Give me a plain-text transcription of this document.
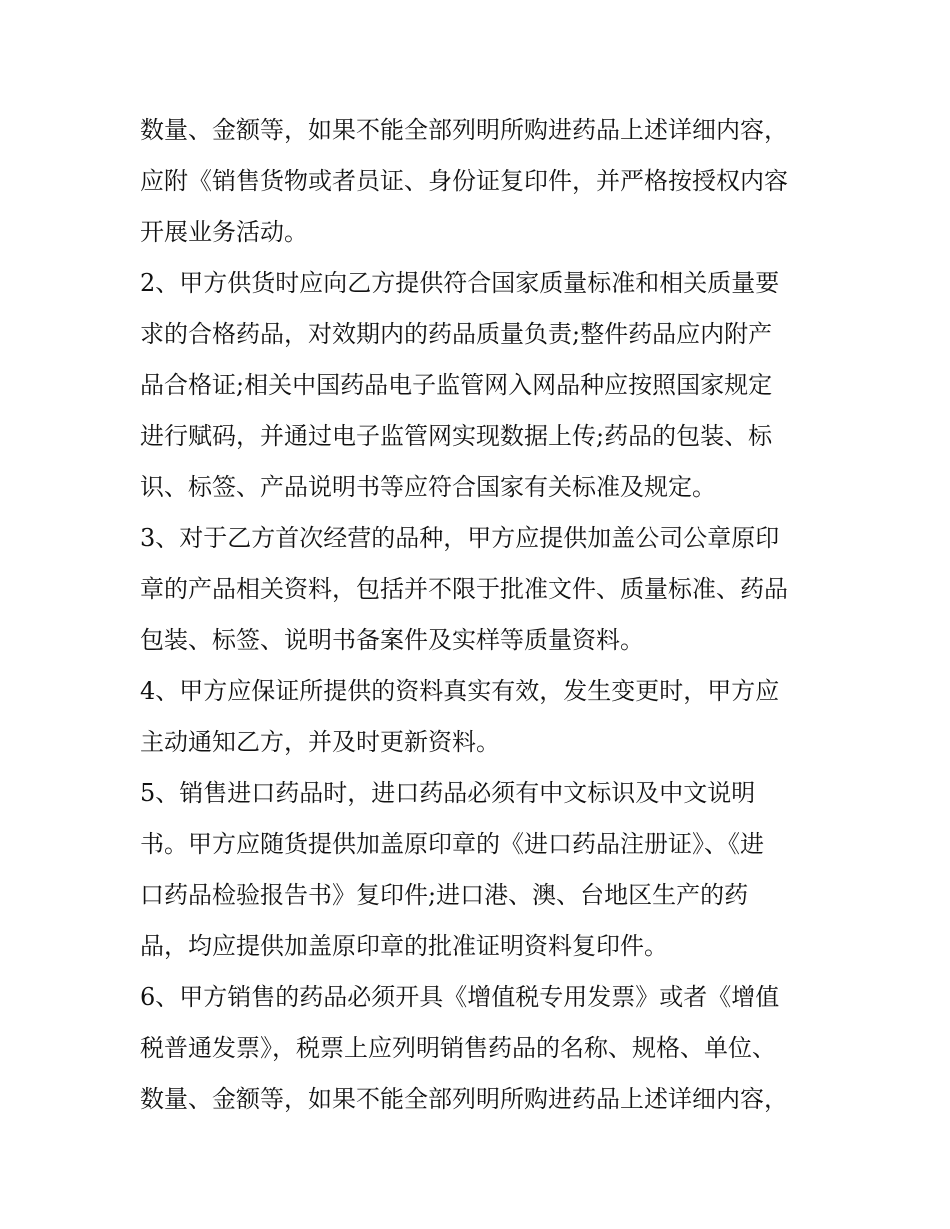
数量、金额等，如果不能全部列明所购进药品上述详细内容，
应附《销售货物或者员证、身份证复印件，并严格按授权内容
开展业务活动。
2、甲方供货时应向乙方提供符合国家质量标准和相关质量要
求的合格药品，对效期内的药品质量负责;整件药品应内附产
品合格证;相关中国药品电子监管网入网品种应按照国家规定
进行赋码，并通过电子监管网实现数据上传;药品的包装、标
识、标签、产品说明书等应符合国家有关标准及规定。
3、对于乙方首次经营的品种，甲方应提供加盖公司公章原印
章的产品相关资料，包括并不限于批准文件、质量标准、药品
包装、标签、说明书备案件及实样等质量资料。
4、甲方应保证所提供的资料真实有效，发生变更时，甲方应
主动通知乙方，并及时更新资料。
5、销售进口药品时，进口药品必须有中文标识及中文说明
书。甲方应随货提供加盖原印章的《进口药品注册证》、《进
口药品检验报告书》复印件;进口港、澳、台地区生产的药
品，均应提供加盖原印章的批准证明资料复印件。
6、甲方销售的药品必须开具《增值税专用发票》或者《增值
税普通发票》，税票上应列明销售药品的名称、规格、单位、
数量、金额等，如果不能全部列明所购进药品上述详细内容，
